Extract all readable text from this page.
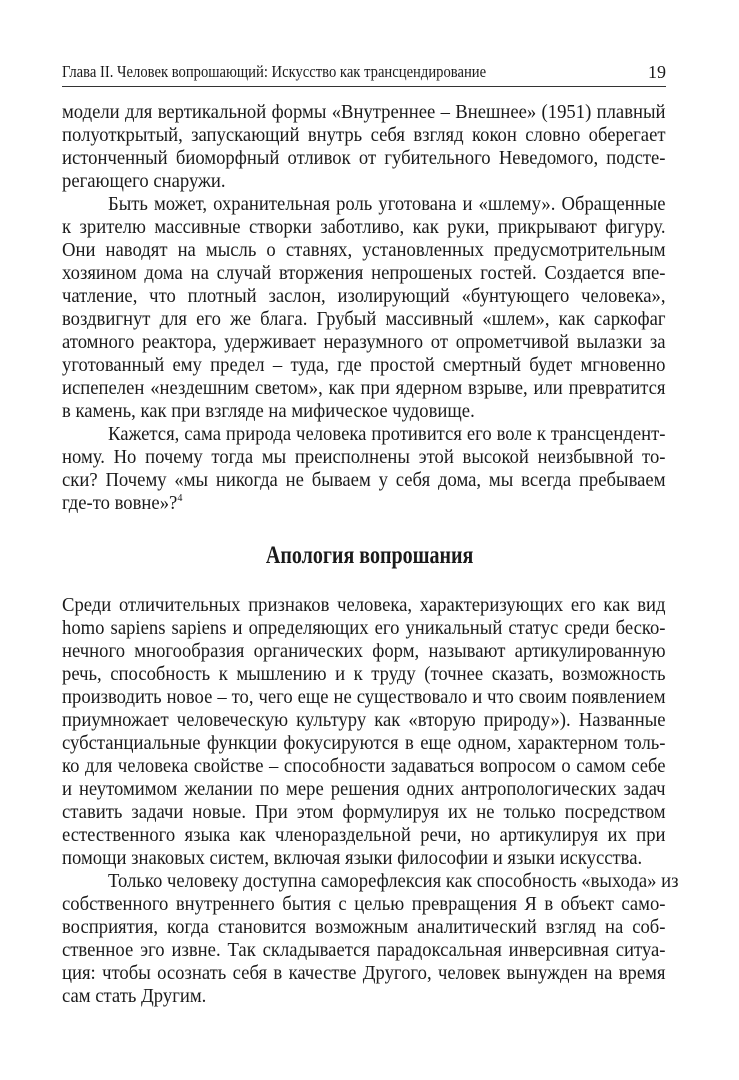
Глава II. Человек вопрошающий: Искусство как трансцендирование	19
модели для вертикальной формы «Внутреннее – Внешнее» (1951) плавный
полуоткрытый, запускающий внутрь себя взгляд кокон словно оберегает
истонченный биоморфный отливок от губительного Неведомого, подсте-
регающего снаружи.
Быть может, охранительная роль уготована и «шлему». Обращенные
к зрителю массивные створки заботливо, как руки, прикрывают фигуру.
Они наводят на мысль о ставнях, установленных предусмотрительным
хозяином дома на случай вторжения непрошеных гостей. Создается впе-
чатление, что плотный заслон, изолирующий «бунтующего человека»,
воздвигнут для его же блага. Грубый массивный «шлем», как саркофаг
атомного реактора, удерживает неразумного от опрометчивой вылазки за
уготованный ему предел – туда, где простой смертный будет мгновенно
испепелен «нездешним светом», как при ядерном взрыве, или превратится
в камень, как при взгляде на мифическое чудовище.
Кажется, сама природа человека противится его воле к трансцендент-
ному. Но почему тогда мы преисполнены этой высокой неизбывной то-
ски? Почему «мы никогда не бываем у себя дома, мы всегда пребываем
где-то вовне»?$^4$
Апология вопрошания
Среди отличительных признаков человека, характеризующих его как вид
homo sapiens sapiens и определяющих его уникальный статус среди беско-
нечного многообразия органических форм, называют артикулированную
речь, способность к мышлению и к труду (точнее сказать, возможность
производить новое – то, чего еще не существовало и что своим появлением
приумножает человеческую культуру как «вторую природу»). Названные
субстанциальные функции фокусируются в еще одном, характерном толь-
ко для человека свойстве – способности задаваться вопросом о самом себе
и неутомимом желании по мере решения одних антропологических задач
ставить задачи новые. При этом формулируя их не только посредством
естественного языка как членораздельной речи, но артикулируя их при
помощи знаковых систем, включая языки философии и языки искусства.
Только человеку доступна саморефлексия как способность «выхода» из
собственного внутреннего бытия с целью превращения Я в объект само-
восприятия, когда становится возможным аналитический взгляд на соб-
ственное эго извне. Так складывается парадоксальная инверсивная ситуа-
ция: чтобы осознать себя в качестве Другого, человек вынужден на время
сам стать Другим.
